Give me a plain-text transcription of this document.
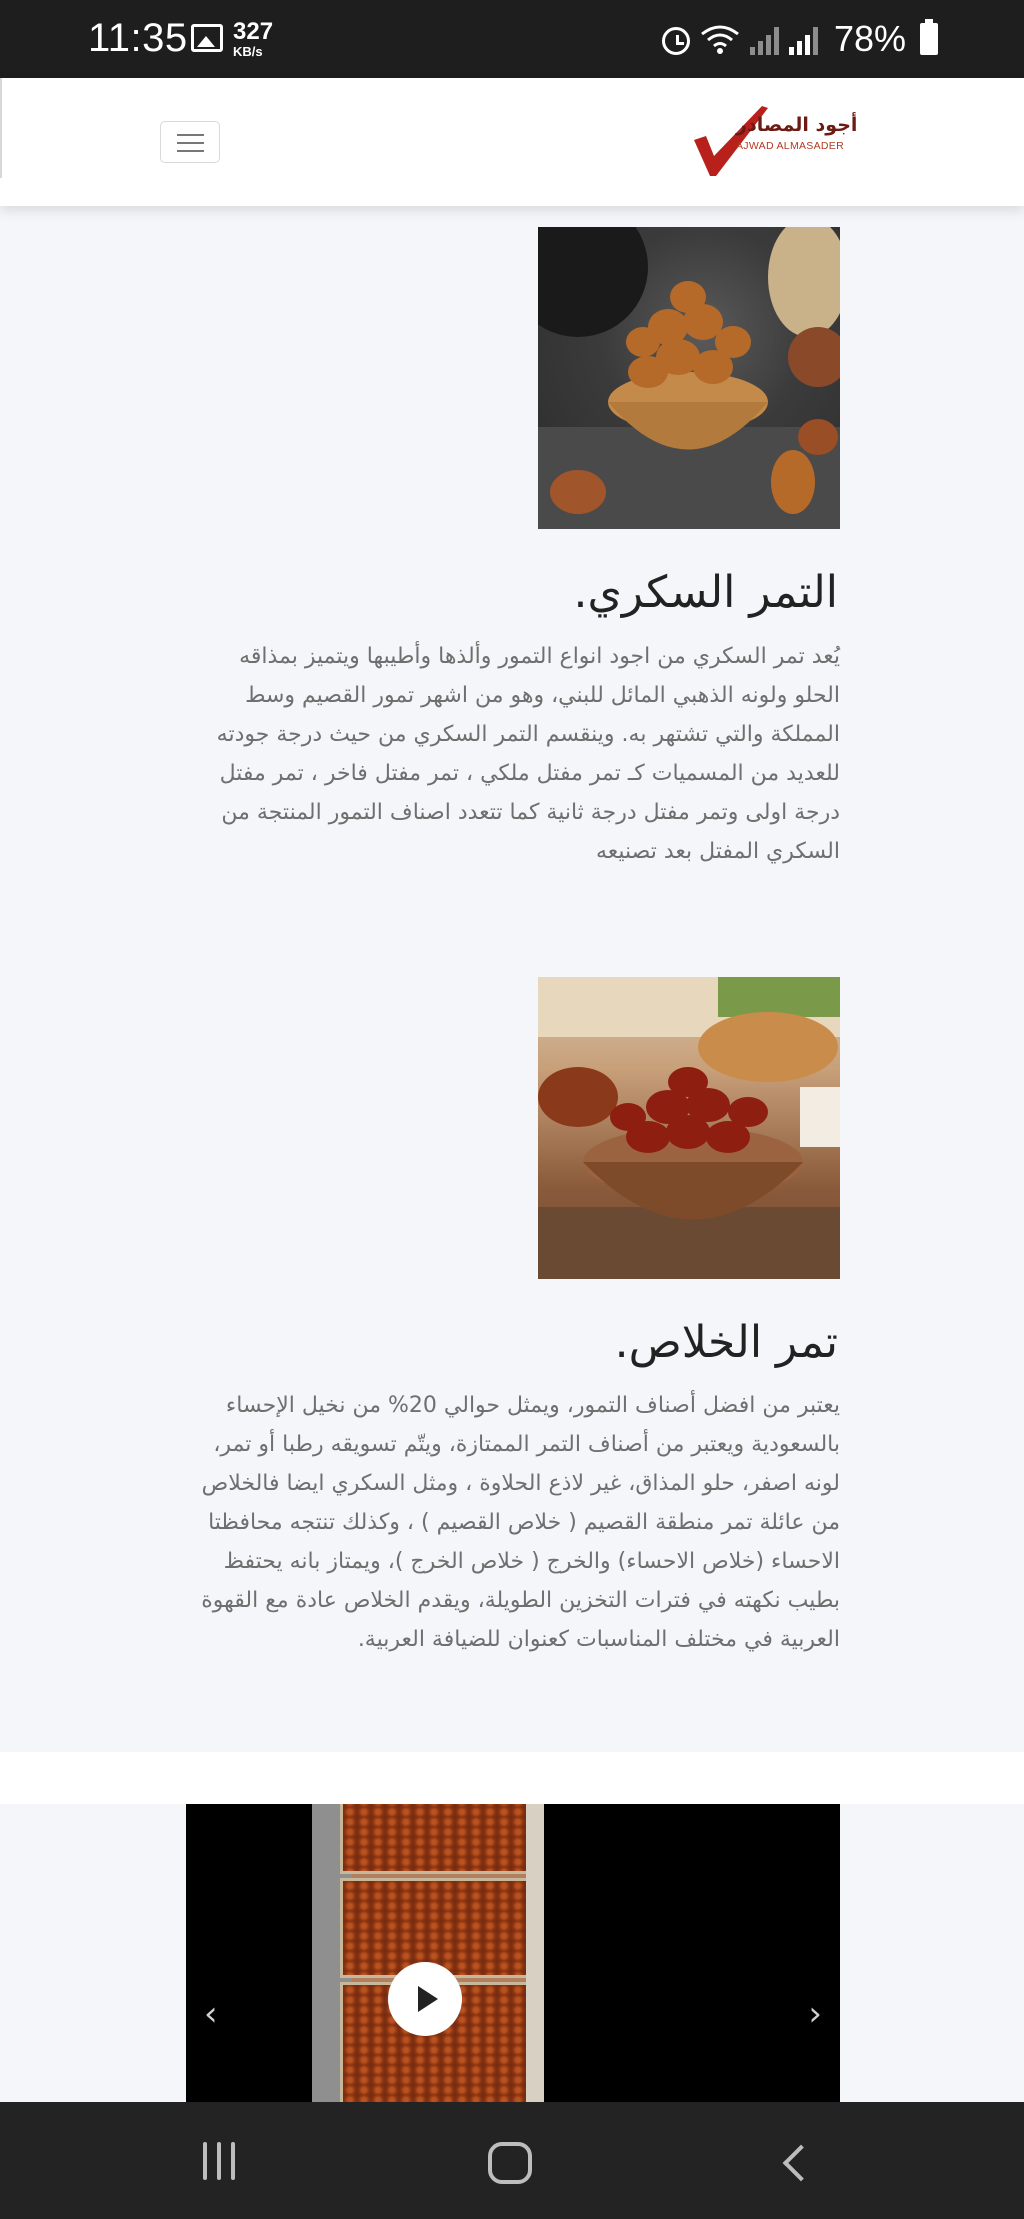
11:35 327
KB/s	78%
أجود المصادر
AJWAD ALMASADER
التمر السكري.

يُعد تمر السكري من اجود انواع التمور وألذها وأطيبها ويتميز بمذاقه الحلو ولونه الذهبي المائل للبني، وهو من اشهر تمور القصيم وسط المملكة والتي تشتهر به. وينقسم التمر السكري من حيث درجة جودته للعديد من المسميات كـ تمر مفتل ملكي ، تمر مفتل فاخر ، تمر مفتل درجة اولى وتمر مفتل درجة ثانية كما تتعدد اصناف التمور المنتجة من السكري المفتل بعد تصنيعه

تمر الخلاص.

يعتبر من افضل أصناف التمور، ويمثل حوالي 20% من نخيل الإحساء بالسعودية ويعتبر من أصناف التمر الممتازة، ويتّم تسويقه رطبا أو تمر، لونه اصفر، حلو المذاق، غير لاذع الحلاوة ، ومثل السكري ايضا فالخلاص من عائلة تمر منطقة القصيم ( خلاص القصيم ) ، وكذلك تنتجه محافظتا الاحساء (خلاص الاحساء) والخرج ( خلاص الخرج )، ويمتاز بانه يحتفظ بطيب نكهته في فترات التخزين الطويلة، ويقدم الخلاص عادة مع القهوة العربية في مختلف المناسبات كعنوان للضيافة العربية.

‹	›
